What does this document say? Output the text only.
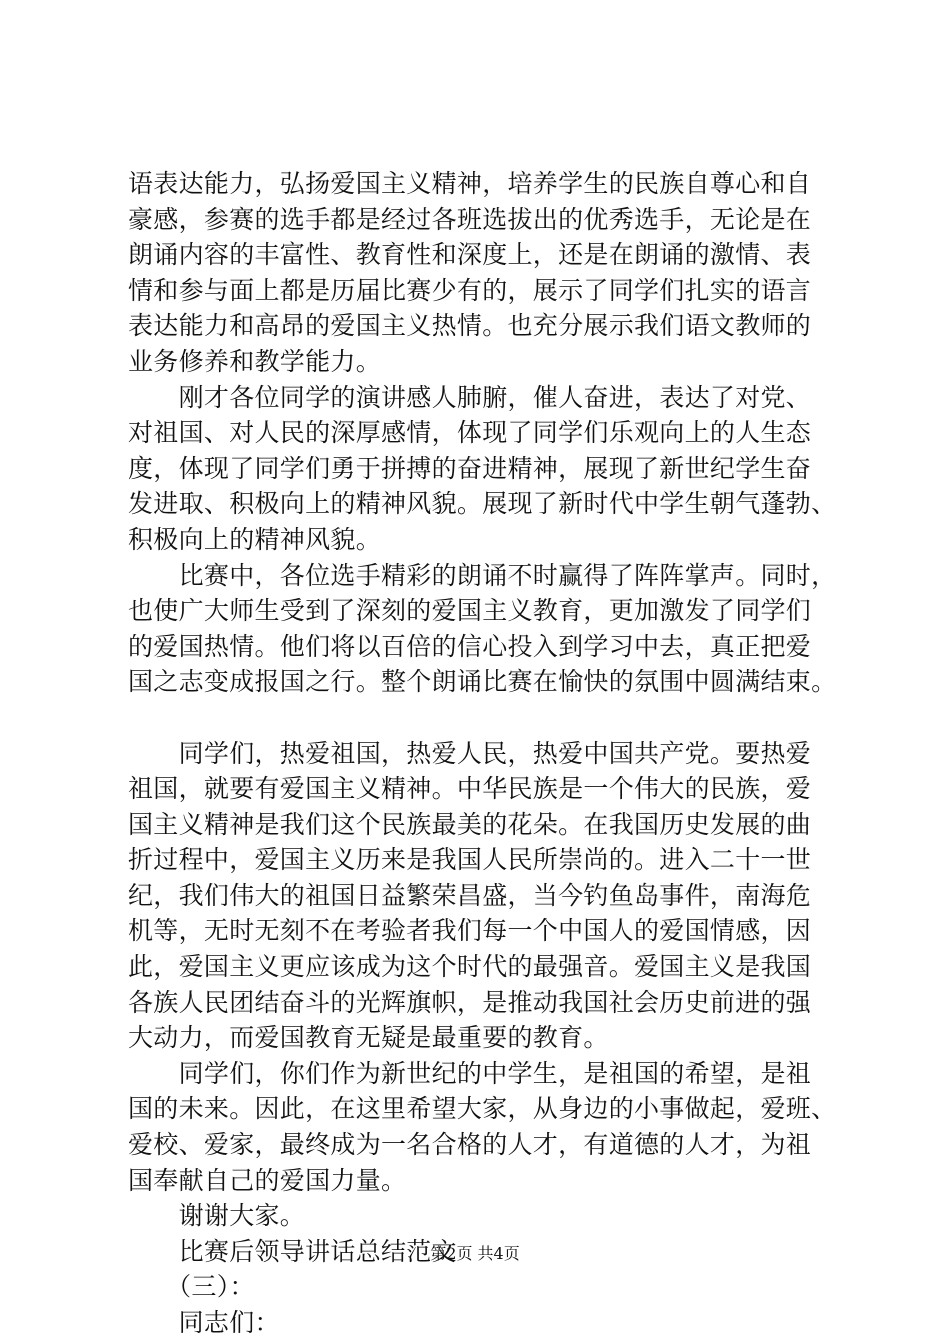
语表达能力，弘扬爱国主义精神，培养学生的民族自尊心和自
豪感，参赛的选手都是经过各班选拔出的优秀选手，无论是在
朗诵内容的丰富性、教育性和深度上，还是在朗诵的激情、表
情和参与面上都是历届比赛少有的，展示了同学们扎实的语言
表达能力和高昂的爱国主义热情。也充分展示我们语文教师的
业务修养和教学能力。
　　刚才各位同学的演讲感人肺腑，催人奋进，表达了对党、
对祖国、对人民的深厚感情，体现了同学们乐观向上的人生态
度，体现了同学们勇于拼搏的奋进精神，展现了新世纪学生奋
发进取、积极向上的精神风貌。展现了新时代中学生朝气蓬勃、
积极向上的精神风貌。
　　比赛中，各位选手精彩的朗诵不时赢得了阵阵掌声。同时，
也使广大师生受到了深刻的爱国主义教育，更加激发了同学们
的爱国热情。他们将以百倍的信心投入到学习中去，真正把爱
国之志变成报国之行。整个朗诵比赛在愉快的氛围中圆满结束。
　　同学们，热爱祖国，热爱人民，热爱中国共产党。要热爱
祖国，就要有爱国主义精神。中华民族是一个伟大的民族，爱
国主义精神是我们这个民族最美的花朵。在我国历史发展的曲
折过程中，爱国主义历来是我国人民所崇尚的。进入二十一世
纪，我们伟大的祖国日益繁荣昌盛，当今钓鱼岛事件，南海危
机等，无时无刻不在考验者我们每一个中国人的爱国情感，因
此，爱国主义更应该成为这个时代的最强音。爱国主义是我国
各族人民团结奋斗的光辉旗帜，是推动我国社会历史前进的强
大动力，而爱国教育无疑是最重要的教育。
　　同学们，你们作为新世纪的中学生，是祖国的希望，是祖
国的未来。因此，在这里希望大家，从身边的小事做起，爱班、
爱校、爱家，最终成为一名合格的人才，有道德的人才，为祖
国奉献自己的爱国力量。
　　谢谢大家。
　　比赛后领导讲话总结范文
　　（三）：
　　同志们：
第2页 共4页
